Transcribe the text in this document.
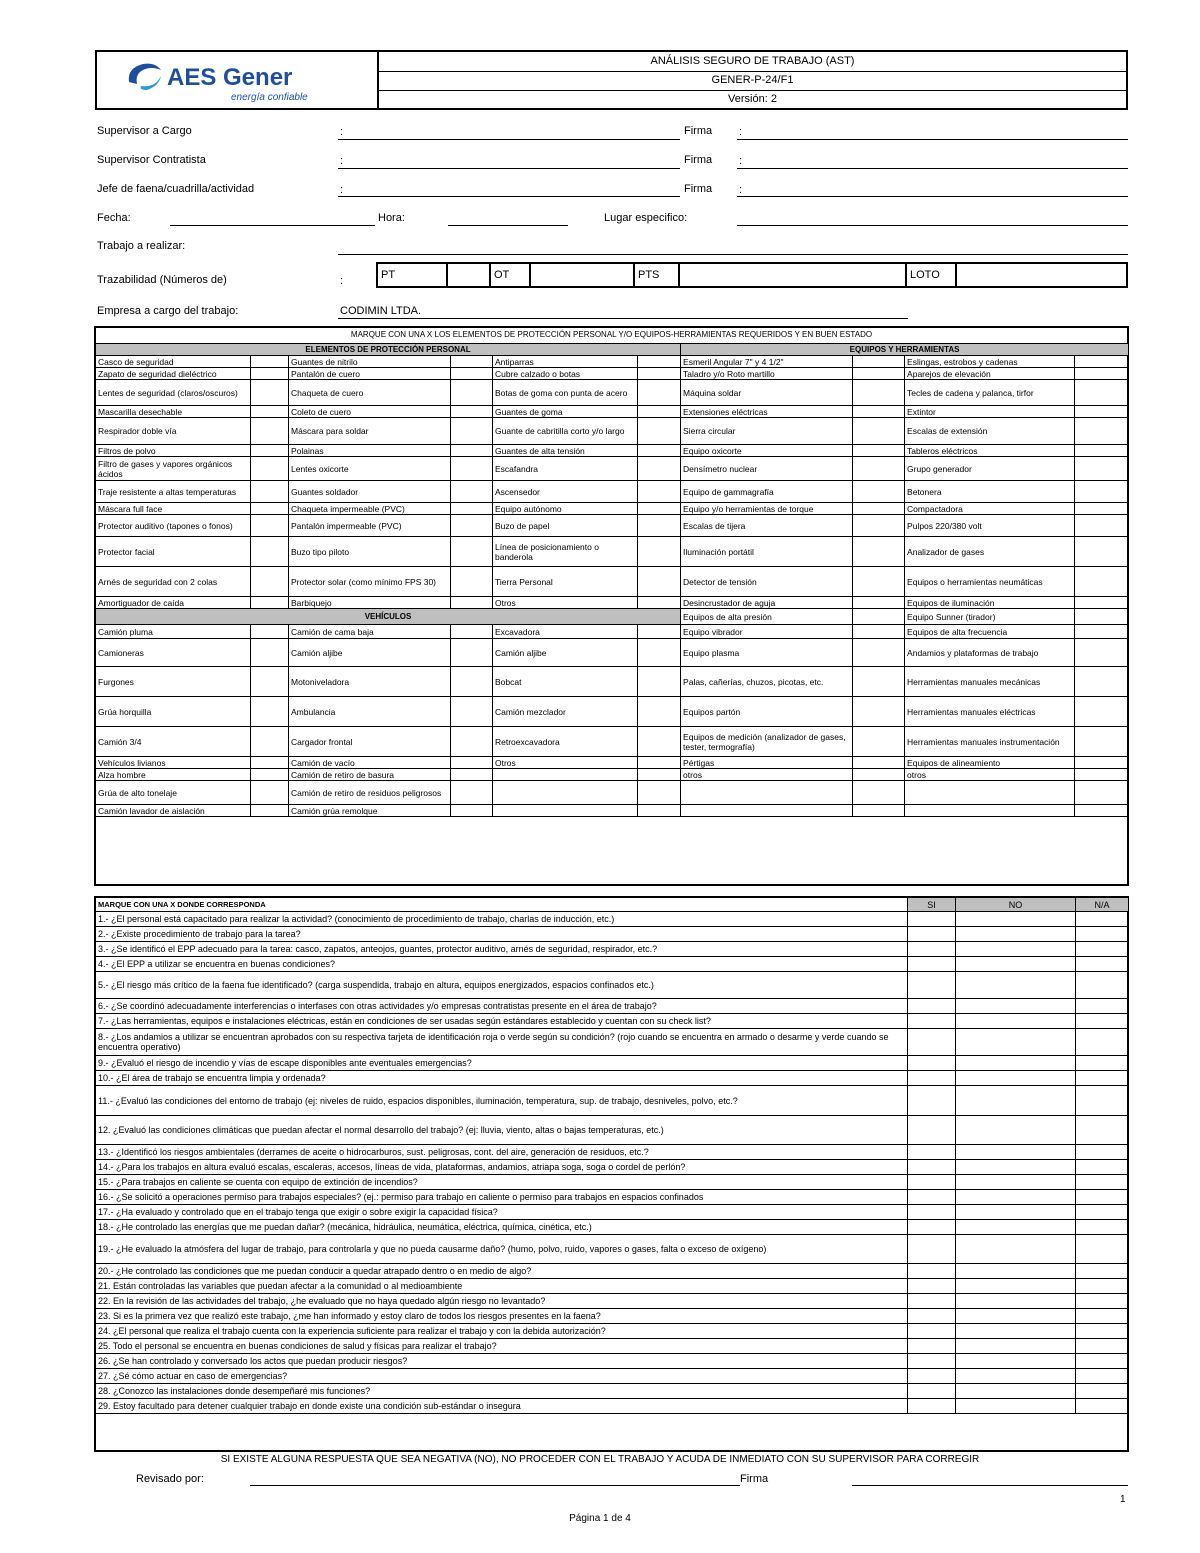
AES Gener
energía confiable
ANÁLISIS SEGURO DE TRABAJO (AST)
GENER-P-24/F1
Versión: 2
Supervisor a Cargo	:	Firma :
Supervisor Contratista	:	Firma :
Jefe de faena/cuadrilla/actividad	:	Firma :
Fecha:	Hora:	Lugar especifico:
Trabajo a realizar:
Trazabilidad (Números de)	:	PT	OT	PTS	LOTO
Empresa a cargo del trabajo:	CODIMIN LTDA.
MARQUE CON UNA X LOS ELEMENTOS DE PROTECCIÓN PERSONAL Y/O EQUIPOS-HERRAMIENTAS REQUERIDOS Y EN BUEN ESTADO
ELEMENTOS DE PROTECCIÓN PERSONAL						EQUIPOS Y HERRAMIENTAS			
Casco de seguridad		Guantes de nitrilo		Antiparras		Esmeril Angular 7" y 4 1/2"		Eslingas, estrobos y cadenas	
Zapato de seguridad dieléctrico		Pantalón de cuero		Cubre calzado o botas		Taladro y/o Roto martillo		Aparejos de elevación	
Lentes de seguridad (claros/oscuros)		Chaqueta de cuero		Botas de goma con punta de acero		Máquina soldar		Tecles de cadena y palanca, tirfor	
Mascarilla desechable		Coleto de cuero		Guantes de goma		Extensiones eléctricas		Extintor	
Respirador doble vía		Máscara para soldar		Guante de cabritilla corto y/o largo		Sierra circular		Escalas de extensión	
Filtros de polvo		Polainas		Guantes de alta tensión		Equipo oxicorte		Tableros eléctricos	
Filtro de gases y vapores orgánicos ácidos		Lentes oxicorte		Escafandra		Densímetro nuclear		Grupo generador	
Traje resistente a altas temperaturas		Guantes soldador		Ascensedor		Equipo de gammagrafía		Betonera	
Máscara full face		Chaqueta impermeable (PVC)		Equipo autónomo		Equipo y/o herramientas de torque		Compactadora	
Protector auditivo (tapones o fonos)		Pantalón impermeable (PVC)		Buzo de papel		Escalas de tijera		Pulpos 220/380 volt	
Protector facial		Buzo tipo piloto		Línea de posicionamiento o banderola		Iluminación portátil		Analizador de gases	
Arnés de seguridad con 2 colas		Protector solar (como mínimo FPS 30)		Tierra Personal		Detector de tensión		Equipos o herramientas neumáticas	
Amortiguador de caída		Barbiquejo		Otros		Desincrustador de aguja		Equipos de iluminación	
VEHÍCULOS						Equipos de alta presión		Equipo Sunner (tirador)	
Camión pluma		Camión de cama baja		Excavadora		Equipo vibrador		Equipos de alta frecuencia	
Camioneras		Camión aljibe		Camión aljibe		Equipo plasma		Andamios y plataformas de trabajo	
Furgones		Motoniveladora		Bobcat		Palas, cañerías, chuzos, picotas, etc.		Herramientas manuales mecánicas	
Grúa horquilla		Ambulancia		Camión mezclador		Equipos partón		Herramientas manuales eléctricas	
Camión 3/4		Cargador frontal		Retroexcavadora		Equipos de medición (analizador de gases, tester, termografía)		Herramientas manuales instrumentación	
Vehículos livianos		Camión de vacío		Otros		Pértigas		Equipos de alineamiento	
Alza hombre		Camión de retiro de basura				otros		otros	
Grúa de alto tonelaje		Camión de retiro de residuos peligrosos							
Camión lavador de aislación		Camión grúa remolque							
MARQUE CON UNA X DONDE CORRESPONDA	SI	NO	N/A
1.- ¿El personal está capacitado para realizar la actividad? (conocimiento de procedimiento de trabajo, charlas de inducción, etc.)			
2.- ¿Existe procedimiento de trabajo para la tarea?			
3.- ¿Se identificó el EPP adecuado para la tarea: casco, zapatos, anteojos, guantes, protector auditivo, arnés de seguridad, respirador, etc.?			
4.- ¿El EPP a utilizar se encuentra en buenas condiciones?			
5.- ¿El riesgo más crítico de la faena fue identificado? (carga suspendida, trabajo en altura, equipos energizados, espacios confinados etc.)			
6.- ¿Se coordinó adecuadamente interferencias o interfases con otras actividades y/o empresas contratistas presente en el área de trabajo?			
7.- ¿Las herramientas, equipos e instalaciones eléctricas, están en condiciones de ser usadas según estándares establecido y cuentan con su check list?			
8.- ¿Los andamios a utilizar se encuentran aprobados con su respectiva tarjeta de identificación roja o verde según su condición? (rojo cuando se encuentra en armado o desarme y verde cuando se encuentra operativo)			
9.- ¿Evaluó el riesgo de incendio y vías de escape disponibles ante eventuales emergencias?			
10.- ¿El área de trabajo se encuentra limpia y ordenada?			
11.- ¿Evaluó las condiciones del entorno de trabajo (ej: niveles de ruido, espacios disponibles, iluminación, temperatura, sup. de trabajo, desniveles, polvo, etc.?			
12. ¿Evaluó las condiciones climáticas que puedan afectar el normal desarrollo del trabajo? (ej: lluvia, viento, altas o bajas temperaturas, etc.)			
13.- ¿Identificó los riesgos ambientales (derrames de aceite o hidrocarburos, sust. peligrosas, cont. del aire, generación de residuos, etc.?			
14.- ¿Para los trabajos en altura evaluó escalas, escaleras, accesos, líneas de vida, plataformas, andamios, atriapa soga, soga o cordel de perlón?			
15.- ¿Para trabajos en caliente se cuenta con equipo de extinción de incendios?			
16.- ¿Se solicitó a operaciones permiso para trabajos especiales? (ej.: permiso para trabajo en caliente o permiso para trabajos en espacios confinados			
17.- ¿Ha evaluado y controlado que en el trabajo tenga que exigir o sobre exigir la capacidad física?			
18.- ¿He controlado las energías que me puedan dañar? (mecánica, hidráulica, neumática, eléctrica, química, cinética, etc.)			
19.- ¿He evaluado la atmósfera del lugar de trabajo, para controlarla y que no pueda causarme daño? (humo, polvo, ruido, vapores o gases, falta o exceso de oxígeno)			
20.- ¿He controlado las condiciones que me puedan conducir a quedar atrapado dentro o en medio de algo?			
21. Están controladas las variables que puedan afectar a la comunidad o al medioambiente			
22. En la revisión de las actividades del trabajo, ¿he evaluado que no haya quedado algún riesgo no levantado?			
23. Si es la primera vez que realizó este trabajo, ¿me han informado y estoy claro de todos los riesgos presentes en la faena?			
24. ¿El personal que realiza el trabajo cuenta con la experiencia suficiente para realizar el trabajo y con la debida autorización?			
25. Todo el personal se encuentra en buenas condiciones de salud y físicas para realizar el trabajo?			
26. ¿Se han controlado y conversado los actos que puedan producir riesgos?			
27. ¿Sé cómo actuar en caso de emergencias?			
28. ¿Conozco las instalaciones donde desempeñaré mis funciones?			
29. Estoy facultado para detener cualquier trabajo en donde existe una condición sub-estándar o insegura			
SI EXISTE ALGUNA RESPUESTA QUE SEA NEGATIVA (NO), NO PROCEDER CON EL TRABAJO Y ACUDA DE INMEDIATO CON SU SUPERVISOR PARA CORREGIR
Revisado por:	Firma
1
Página 1 de 4
